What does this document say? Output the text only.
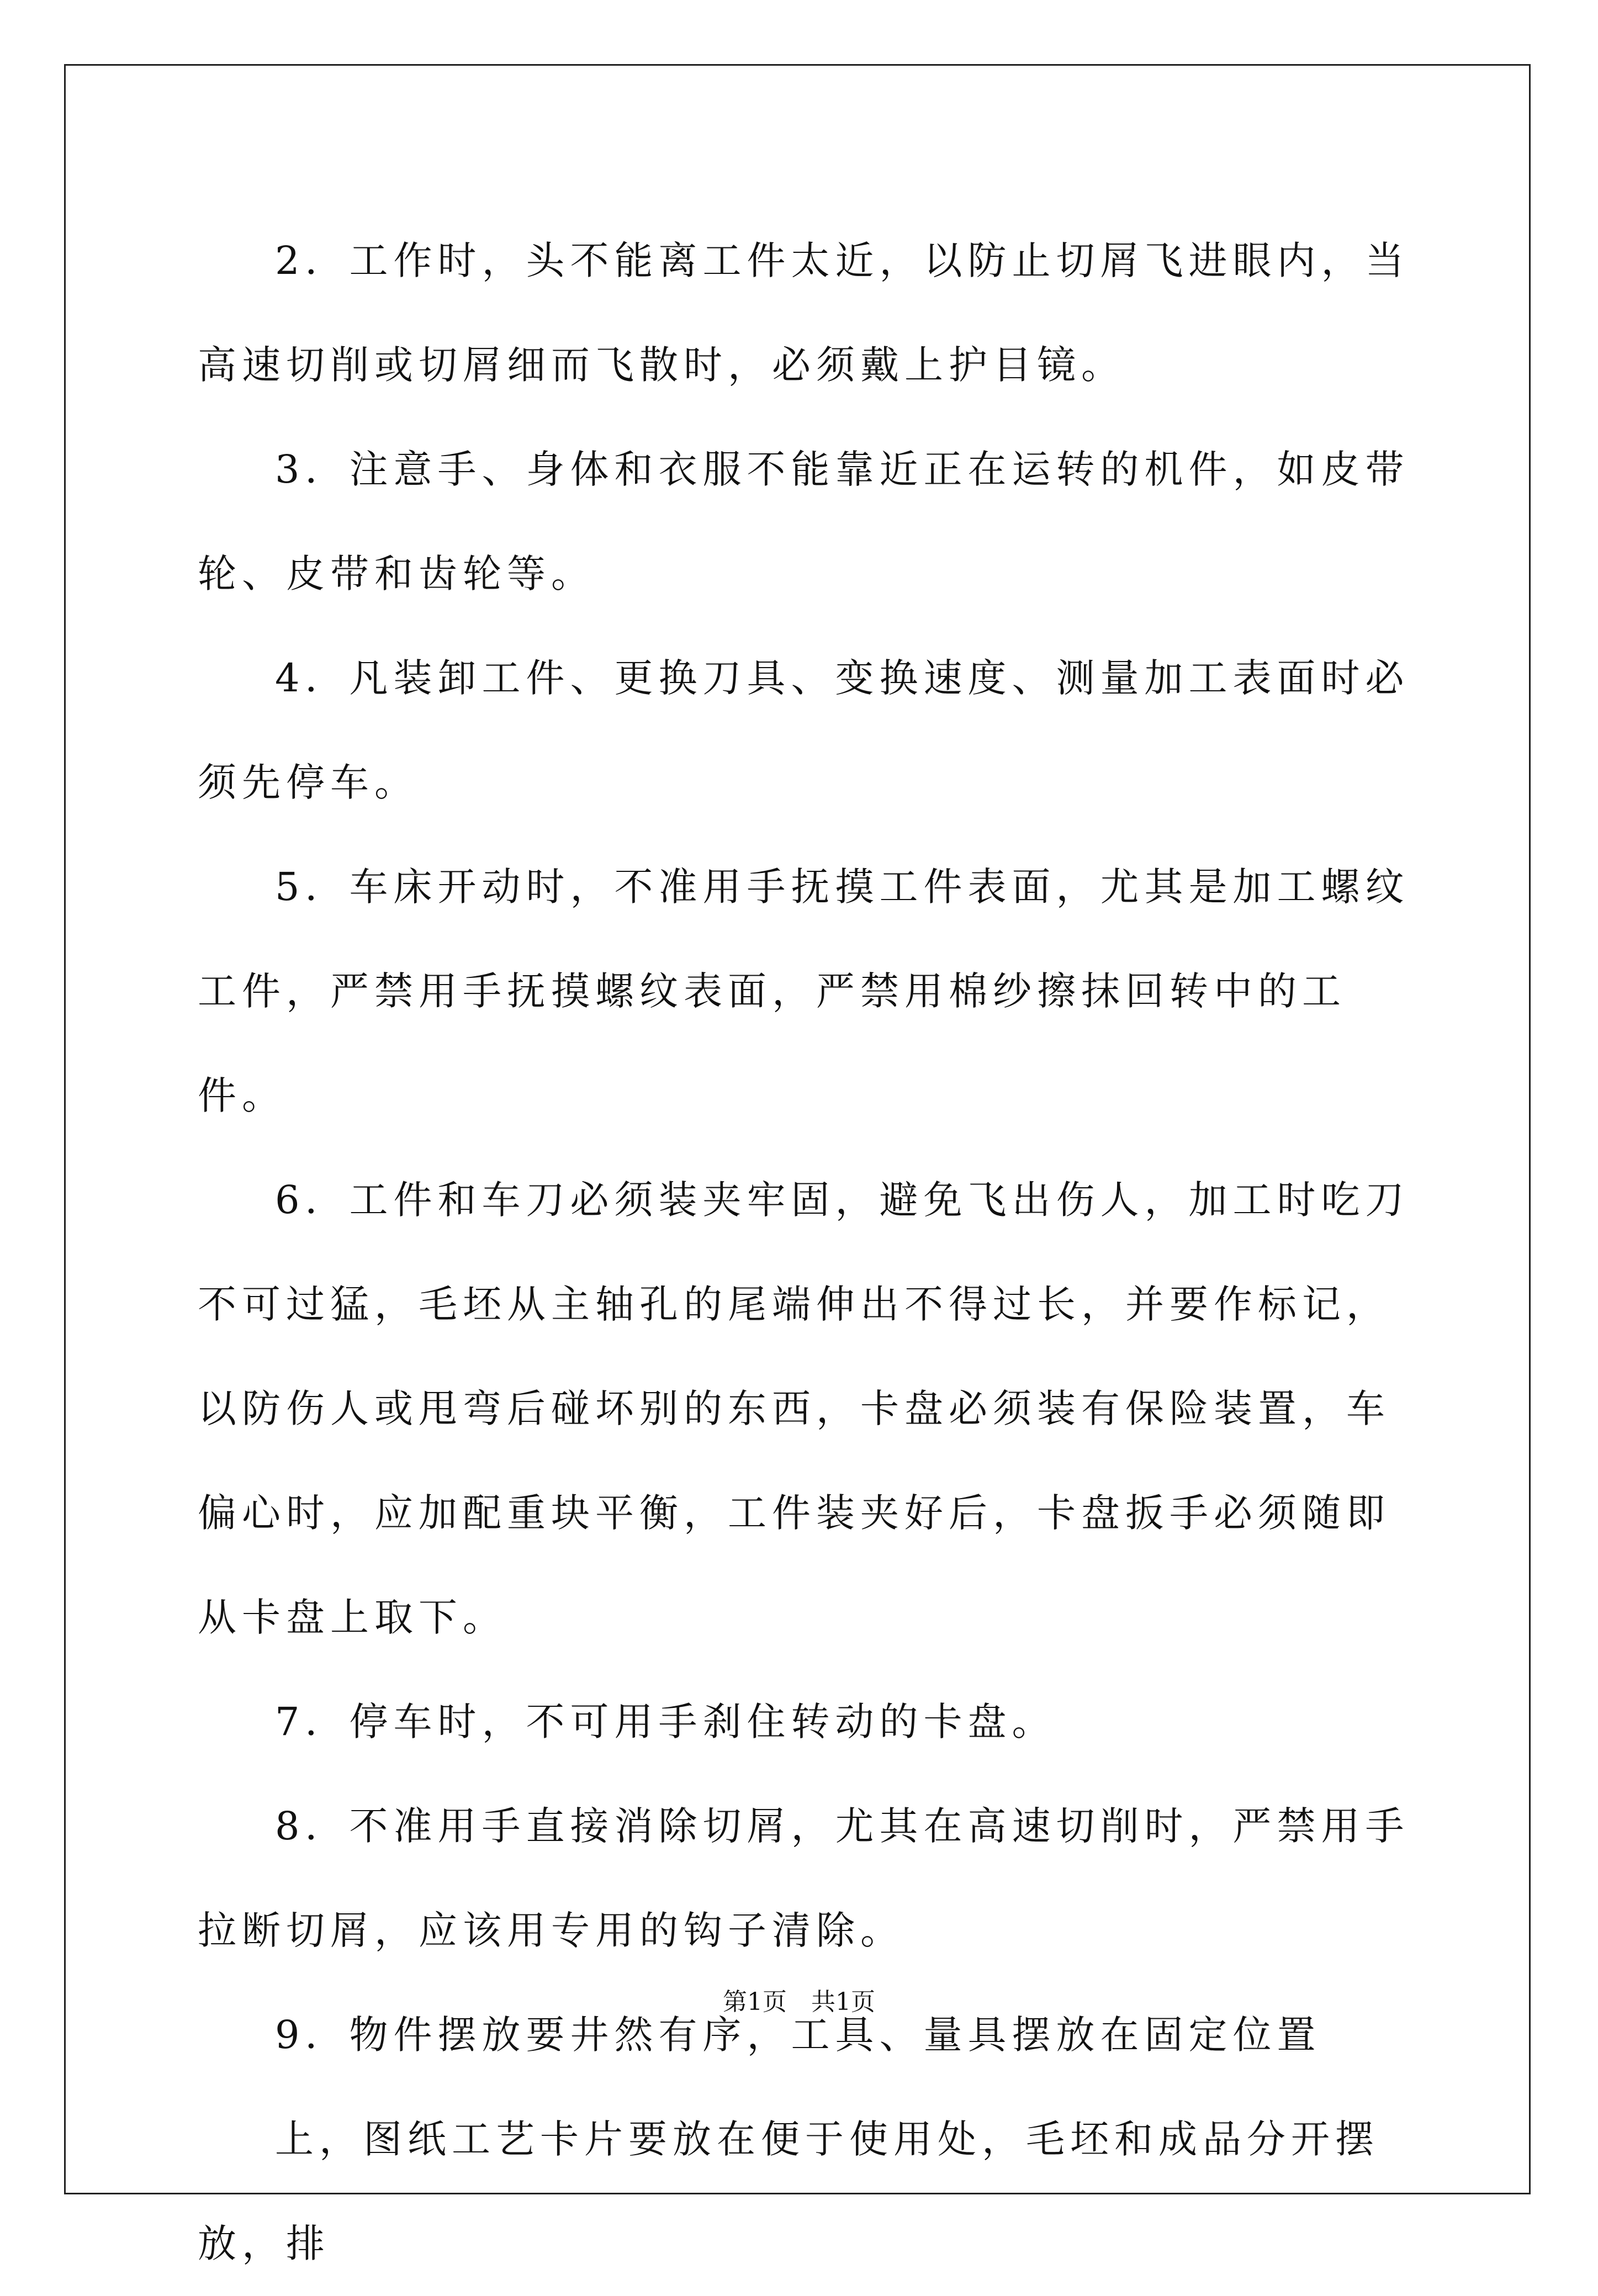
2．工作时，头不能离工件太近，以防止切屑飞进眼内，当高速切削或切屑细而飞散时，必须戴上护目镜。

3．注意手、身体和衣服不能靠近正在运转的机件，如皮带轮、皮带和齿轮等。

4．凡装卸工件、更换刀具、变换速度、测量加工表面时必须先停车。

5．车床开动时，不准用手抚摸工件表面，尤其是加工螺纹工件，严禁用手抚摸螺纹表面，严禁用棉纱擦抹回转中的工件。

6．工件和车刀必须装夹牢固，避免飞出伤人，加工时吃刀不可过猛，毛坯从主轴孔的尾端伸出不得过长，并要作标记，以防伤人或甩弯后碰坏别的东西，卡盘必须装有保险装置，车偏心时，应加配重块平衡，工件装夹好后，卡盘扳手必须随即从卡盘上取下。

7．停车时，不可用手刹住转动的卡盘。

8．不准用手直接消除切屑，尤其在高速切削时，严禁用手拉断切屑，应该用专用的钩子清除。

9．物件摆放要井然有序，工具、量具摆放在固定位置

上，图纸工艺卡片要放在便于使用处，毛坯和成品分开摆放，排

第1页　共1页
